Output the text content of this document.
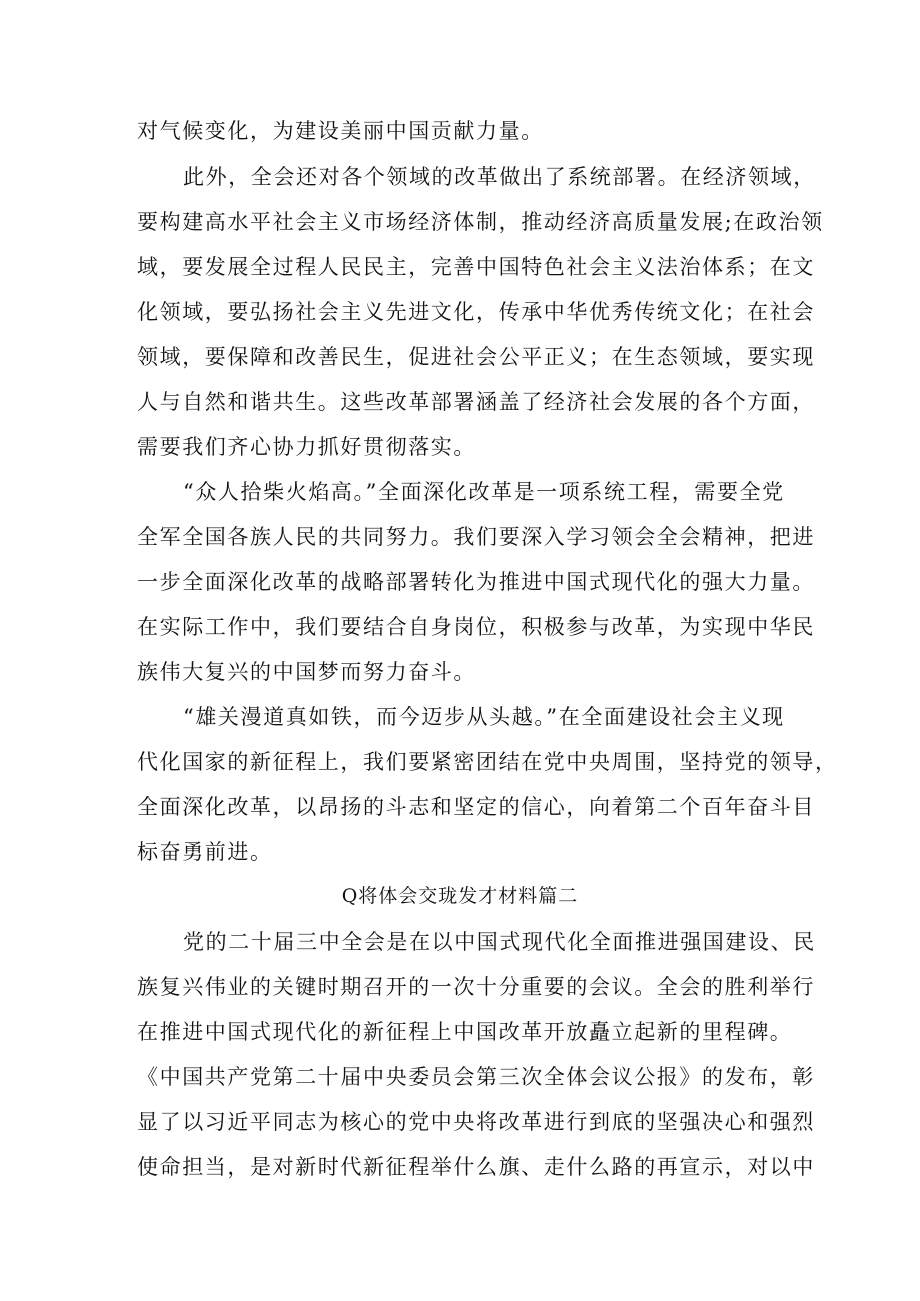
对气候变化，为建设美丽中国贡献力量。
此外，全会还对各个领域的改革做出了系统部署。在经济领域，
要构建高水平社会主义市场经济体制，推动经济高质量发展;在政治领
域，要发展全过程人民民主，完善中国特色社会主义法治体系；在文
化领域，要弘扬社会主义先进文化，传承中华优秀传统文化；在社会
领域，要保障和改善民生，促进社会公平正义；在生态领域，要实现
人与自然和谐共生。这些改革部署涵盖了经济社会发展的各个方面，
需要我们齐心协力抓好贯彻落实。
“众人拾柴火焰高。”全面深化改革是一项系统工程，需要全党
全军全国各族人民的共同努力。我们要深入学习领会全会精神，把进
一步全面深化改革的战略部署转化为推进中国式现代化的强大力量。
在实际工作中，我们要结合自身岗位，积极参与改革，为实现中华民
族伟大复兴的中国梦而努力奋斗。
“雄关漫道真如铁，而今迈步从头越。”在全面建设社会主义现
代化国家的新征程上，我们要紧密团结在党中央周围，坚持党的领导，
全面深化改革，以昂扬的斗志和坚定的信心，向着第二个百年奋斗目
标奋勇前进。
Q将体会交珑发才材料篇二
党的二十届三中全会是在以中国式现代化全面推进强国建设、民
族复兴伟业的关键时期召开的一次十分重要的会议。全会的胜利举行
在推进中国式现代化的新征程上中国改革开放矗立起新的里程碑。
《中国共产党第二十届中央委员会第三次全体会议公报》的发布，彰
显了以习近平同志为核心的党中央将改革进行到底的坚强决心和强烈
使命担当，是对新时代新征程举什么旗、走什么路的再宣示，对以中
